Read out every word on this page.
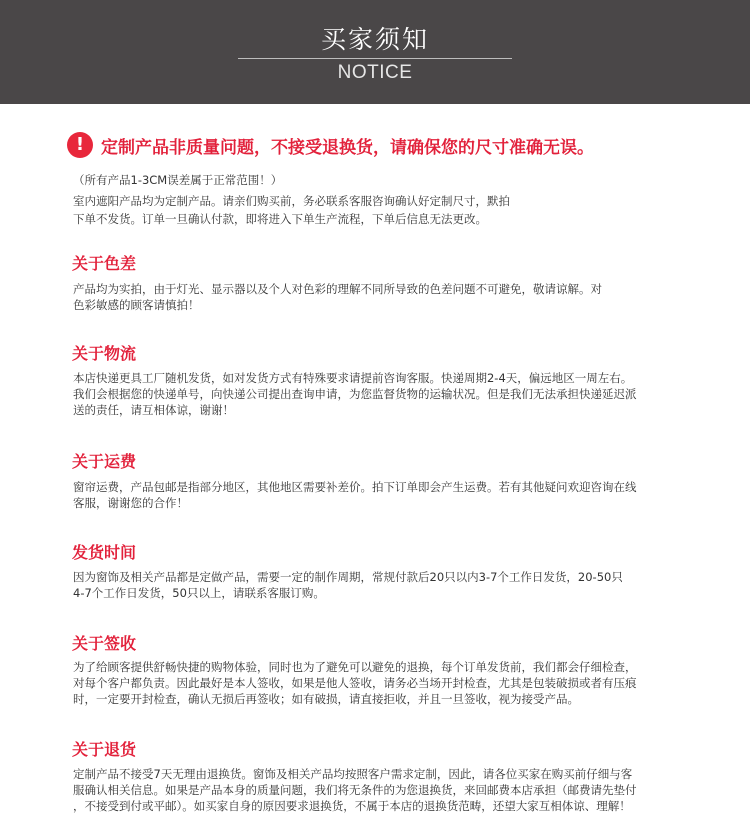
买家须知
NOTICE
! 定制产品非质量问题，不接受退换货，请确保您的尺寸准确无误。

（所有产品1-3CM误差属于正常范围！）

室内遮阳产品均为定制产品。请亲们购买前，务必联系客服咨询确认好定制尺寸，默拍

下单不发货。订单一旦确认付款，即将进入下单生产流程，下单后信息无法更改。

关于色差

产品均为实拍，由于灯光、显示器以及个人对色彩的理解不同所导致的色差问题不可避免，敬请谅解。对

色彩敏感的顾客请慎拍！

关于物流

本店快递更具工厂随机发货，如对发货方式有特殊要求请提前咨询客服。快递周期2-4天，偏远地区一周左右。

我们会根据您的快递单号，向快递公司提出查询申请，为您监督货物的运输状况。但是我们无法承担快递延迟派

送的责任，请互相体谅，谢谢！

关于运费

窗帘运费，产品包邮是指部分地区，其他地区需要补差价。拍下订单即会产生运费。若有其他疑问欢迎咨询在线

客服，谢谢您的合作！

发货时间

因为窗饰及相关产品都是定做产品，需要一定的制作周期，常规付款后20只以内3-7个工作日发货，20-50只

4-7个工作日发货，50只以上，请联系客服订购。

关于签收

为了给顾客提供舒畅快捷的购物体验，同时也为了避免可以避免的退换，每个订单发货前，我们都会仔细检查，

对每个客户都负责。因此最好是本人签收，如果是他人签收，请务必当场开封检查，尤其是包装破损或者有压痕

时，一定要开封检查，确认无损后再签收；如有破损，请直接拒收，并且一旦签收，视为接受产品。

关于退货

定制产品不接受7天无理由退换货。窗饰及相关产品均按照客户需求定制，因此，请各位买家在购买前仔细与客

服确认相关信息。如果是产品本身的质量问题，我们将无条件的为您退换货，来回邮费本店承担（邮费请先垫付

，不接受到付或平邮）。如买家自身的原因要求退换货，不属于本店的退换货范畴，还望大家互相体谅、理解！
